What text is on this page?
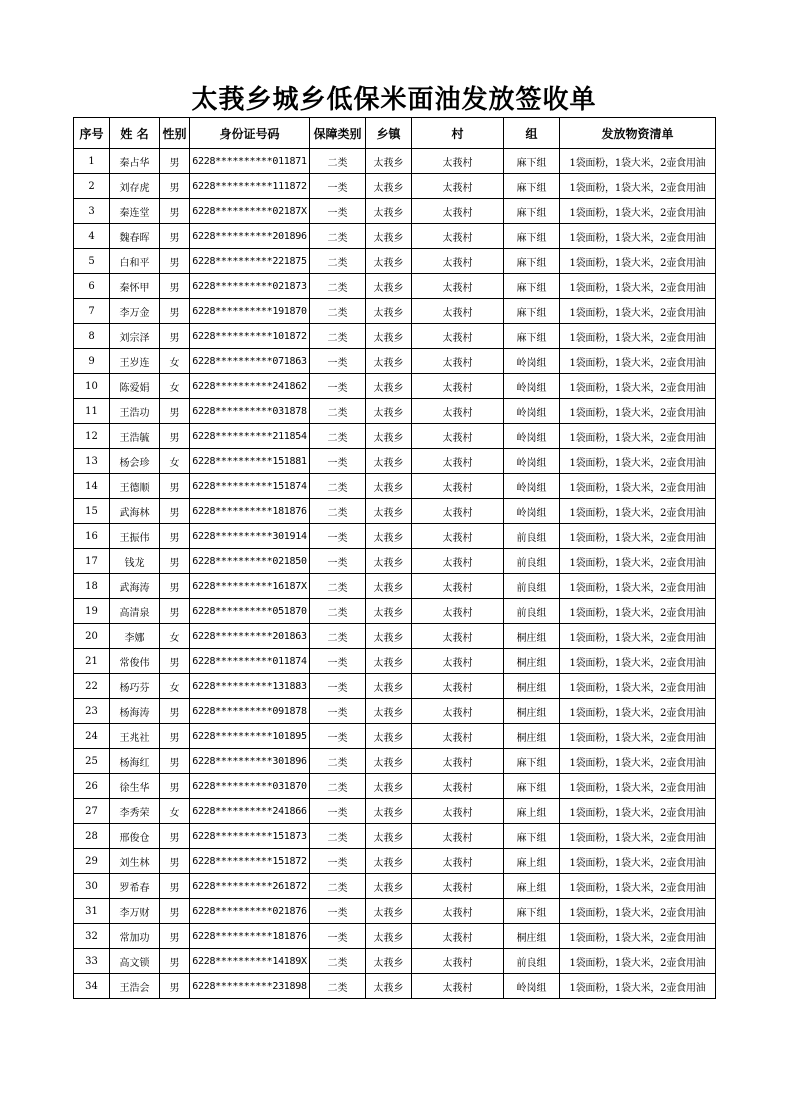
太莪乡城乡低保米面油发放签收单
序号	姓 名	性别	身份证号码	保障类别	乡镇	村	组	发放物资清单
1	秦占华	男	6228**********011871	二类	太莪乡	太莪村	麻下组	1袋面粉，1袋大米，2壶食用油
2	刘存虎	男	6228**********111872	一类	太莪乡	太莪村	麻下组	1袋面粉，1袋大米，2壶食用油
3	秦连堂	男	6228**********02187X	一类	太莪乡	太莪村	麻下组	1袋面粉，1袋大米，2壶食用油
4	魏春晖	男	6228**********201896	二类	太莪乡	太莪村	麻下组	1袋面粉，1袋大米，2壶食用油
5	白和平	男	6228**********221875	二类	太莪乡	太莪村	麻下组	1袋面粉，1袋大米，2壶食用油
6	秦怀甲	男	6228**********021873	二类	太莪乡	太莪村	麻下组	1袋面粉，1袋大米，2壶食用油
7	李万金	男	6228**********191870	二类	太莪乡	太莪村	麻下组	1袋面粉，1袋大米，2壶食用油
8	刘宗泽	男	6228**********101872	二类	太莪乡	太莪村	麻下组	1袋面粉，1袋大米，2壶食用油
9	王岁连	女	6228**********071863	一类	太莪乡	太莪村	岭岗组	1袋面粉，1袋大米，2壶食用油
10	陈爱娟	女	6228**********241862	一类	太莪乡	太莪村	岭岗组	1袋面粉，1袋大米，2壶食用油
11	王浩功	男	6228**********031878	二类	太莪乡	太莪村	岭岗组	1袋面粉，1袋大米，2壶食用油
12	王浩毓	男	6228**********211854	二类	太莪乡	太莪村	岭岗组	1袋面粉，1袋大米，2壶食用油
13	杨会珍	女	6228**********151881	一类	太莪乡	太莪村	岭岗组	1袋面粉，1袋大米，2壶食用油
14	王德顺	男	6228**********151874	二类	太莪乡	太莪村	岭岗组	1袋面粉，1袋大米，2壶食用油
15	武海林	男	6228**********181876	二类	太莪乡	太莪村	岭岗组	1袋面粉，1袋大米，2壶食用油
16	王振伟	男	6228**********301914	一类	太莪乡	太莪村	前良组	1袋面粉，1袋大米，2壶食用油
17	钱龙	男	6228**********021850	一类	太莪乡	太莪村	前良组	1袋面粉，1袋大米，2壶食用油
18	武海涛	男	6228**********16187X	二类	太莪乡	太莪村	前良组	1袋面粉，1袋大米，2壶食用油
19	高清泉	男	6228**********051870	二类	太莪乡	太莪村	前良组	1袋面粉，1袋大米，2壶食用油
20	李娜	女	6228**********201863	二类	太莪乡	太莪村	桐庄组	1袋面粉，1袋大米，2壶食用油
21	常俊伟	男	6228**********011874	一类	太莪乡	太莪村	桐庄组	1袋面粉，1袋大米，2壶食用油
22	杨巧芬	女	6228**********131883	一类	太莪乡	太莪村	桐庄组	1袋面粉，1袋大米，2壶食用油
23	杨海涛	男	6228**********091878	一类	太莪乡	太莪村	桐庄组	1袋面粉，1袋大米，2壶食用油
24	王兆社	男	6228**********101895	一类	太莪乡	太莪村	桐庄组	1袋面粉，1袋大米，2壶食用油
25	杨海红	男	6228**********301896	二类	太莪乡	太莪村	麻下组	1袋面粉，1袋大米，2壶食用油
26	徐生华	男	6228**********031870	二类	太莪乡	太莪村	麻下组	1袋面粉，1袋大米，2壶食用油
27	李秀荣	女	6228**********241866	一类	太莪乡	太莪村	麻上组	1袋面粉，1袋大米，2壶食用油
28	邢俊仓	男	6228**********151873	二类	太莪乡	太莪村	麻下组	1袋面粉，1袋大米，2壶食用油
29	刘生林	男	6228**********151872	一类	太莪乡	太莪村	麻上组	1袋面粉，1袋大米，2壶食用油
30	罗希春	男	6228**********261872	二类	太莪乡	太莪村	麻上组	1袋面粉，1袋大米，2壶食用油
31	李万财	男	6228**********021876	一类	太莪乡	太莪村	麻下组	1袋面粉，1袋大米，2壶食用油
32	常加功	男	6228**********181876	一类	太莪乡	太莪村	桐庄组	1袋面粉，1袋大米，2壶食用油
33	高文锁	男	6228**********14189X	二类	太莪乡	太莪村	前良组	1袋面粉，1袋大米，2壶食用油
34	王浩会	男	6228**********231898	二类	太莪乡	太莪村	岭岗组	1袋面粉，1袋大米，2壶食用油
